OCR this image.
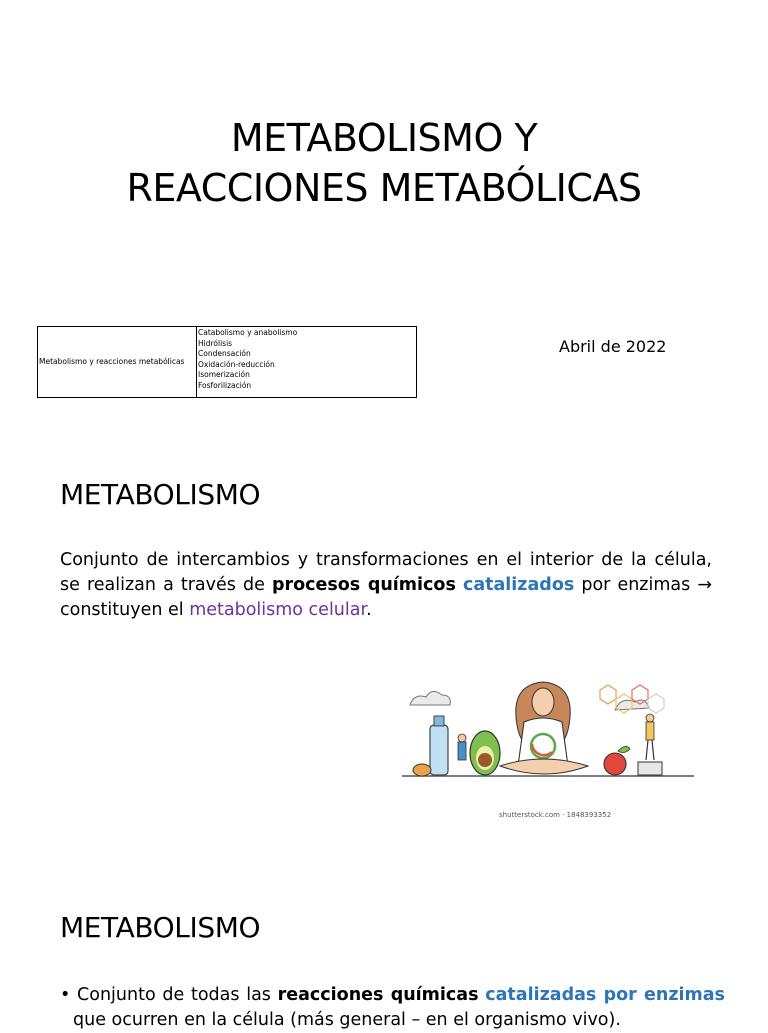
METABOLISMO Y
REACCIONES METABÓLICAS
Metabolismo y reacciones metabólicas
Catabolismo y anabolismo
Hidrólisis
Condensación
Oxidación-reducción
Isomerización
Fosforilización
Abril de 2022
METABOLISMO
Conjunto de intercambios y transformaciones en el interior de la célula, se realizan a través de procesos químicos catalizados por enzimas → constituyen el metabolismo celular.
shutterstock.com · 1848393352
METABOLISMO
• Conjunto de todas las reacciones químicas catalizadas por enzimas que ocurren en la célula (más general – en el organismo vivo).
